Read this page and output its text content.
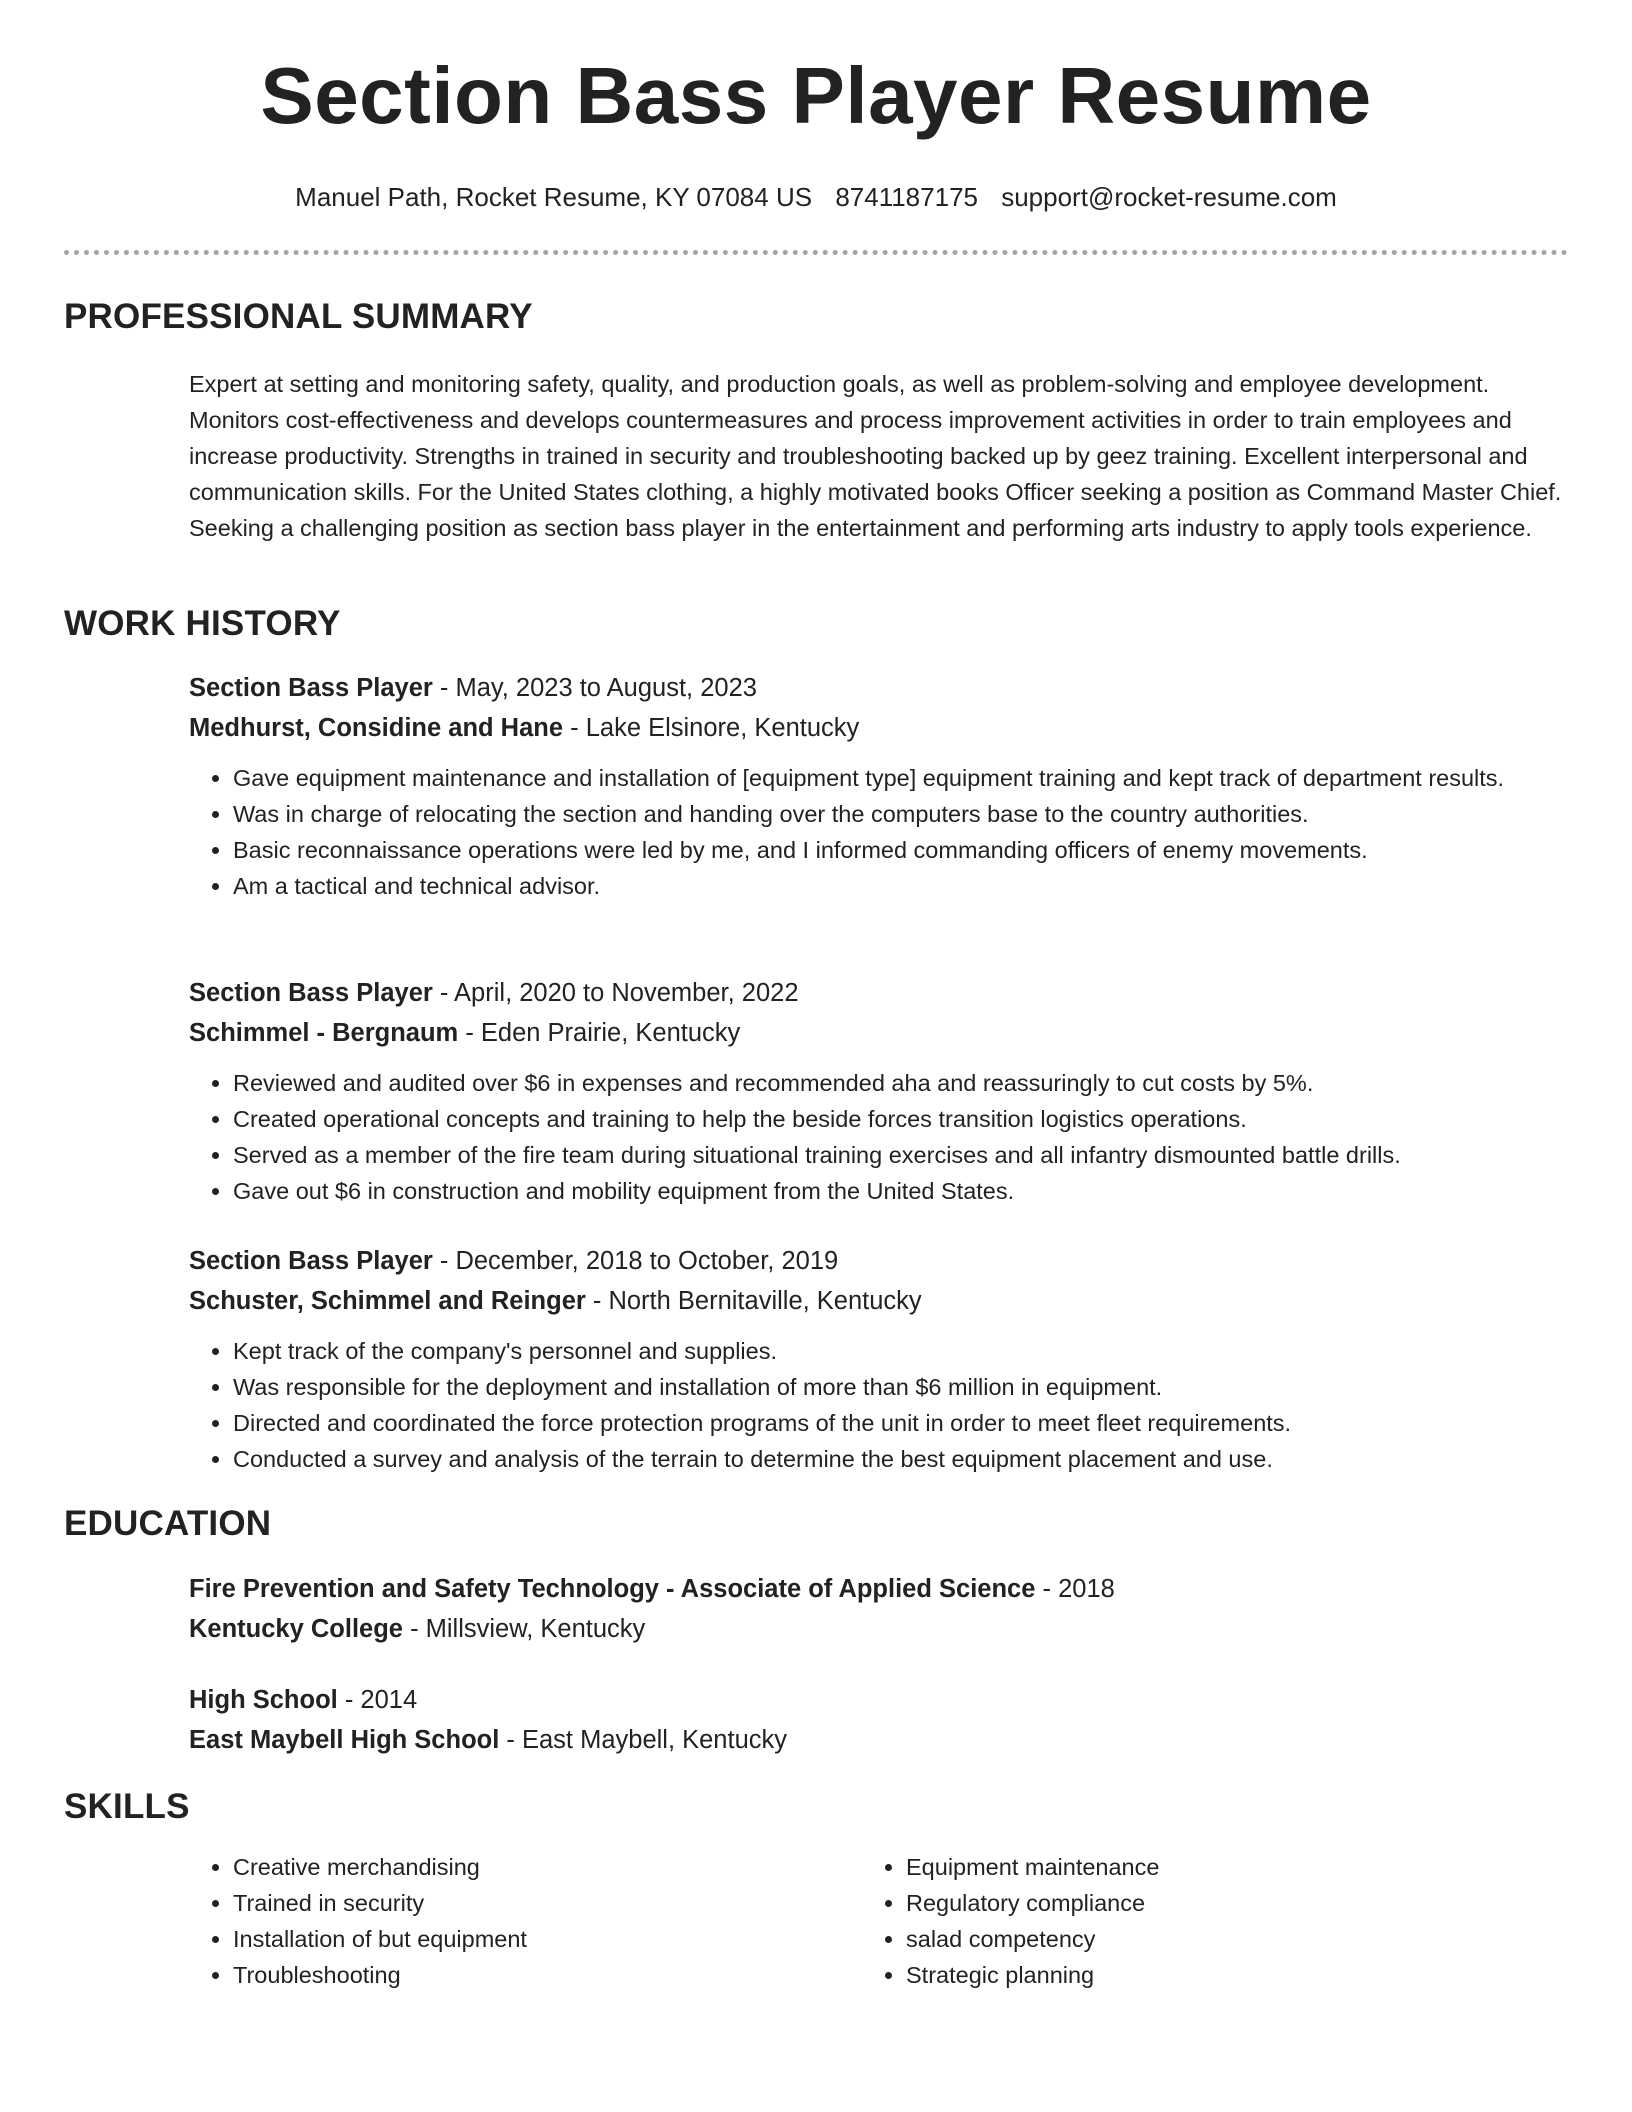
Section Bass Player Resume
Manuel Path, Rocket Resume, KY 07084 US 8741187175 support@rocket-resume.com
PROFESSIONAL SUMMARY
Expert at setting and monitoring safety, quality, and production goals, as well as problem-solving and employee development. Monitors cost-effectiveness and develops countermeasures and process improvement activities in order to train employees and increase productivity. Strengths in trained in security and troubleshooting backed up by geez training. Excellent interpersonal and communication skills. For the United States clothing, a highly motivated books Officer seeking a position as Command Master Chief. Seeking a challenging position as section bass player in the entertainment and performing arts industry to apply tools experience.
WORK HISTORY
Section Bass Player - May, 2023 to August, 2023
Medhurst, Considine and Hane - Lake Elsinore, Kentucky
• Gave equipment maintenance and installation of [equipment type] equipment training and kept track of department results.
• Was in charge of relocating the section and handing over the computers base to the country authorities.
• Basic reconnaissance operations were led by me, and I informed commanding officers of enemy movements.
• Am a tactical and technical advisor.
Section Bass Player - April, 2020 to November, 2022
Schimmel - Bergnaum - Eden Prairie, Kentucky
• Reviewed and audited over $6 in expenses and recommended aha and reassuringly to cut costs by 5%.
• Created operational concepts and training to help the beside forces transition logistics operations.
• Served as a member of the fire team during situational training exercises and all infantry dismounted battle drills.
• Gave out $6 in construction and mobility equipment from the United States.
Section Bass Player - December, 2018 to October, 2019
Schuster, Schimmel and Reinger - North Bernitaville, Kentucky
• Kept track of the company's personnel and supplies.
• Was responsible for the deployment and installation of more than $6 million in equipment.
• Directed and coordinated the force protection programs of the unit in order to meet fleet requirements.
• Conducted a survey and analysis of the terrain to determine the best equipment placement and use.
EDUCATION
Fire Prevention and Safety Technology - Associate of Applied Science - 2018
Kentucky College - Millsview, Kentucky
High School - 2014
East Maybell High School - East Maybell, Kentucky
SKILLS
• Creative merchandising
• Trained in security
• Installation of but equipment
• Troubleshooting
• Equipment maintenance
• Regulatory compliance
• salad competency
• Strategic planning
